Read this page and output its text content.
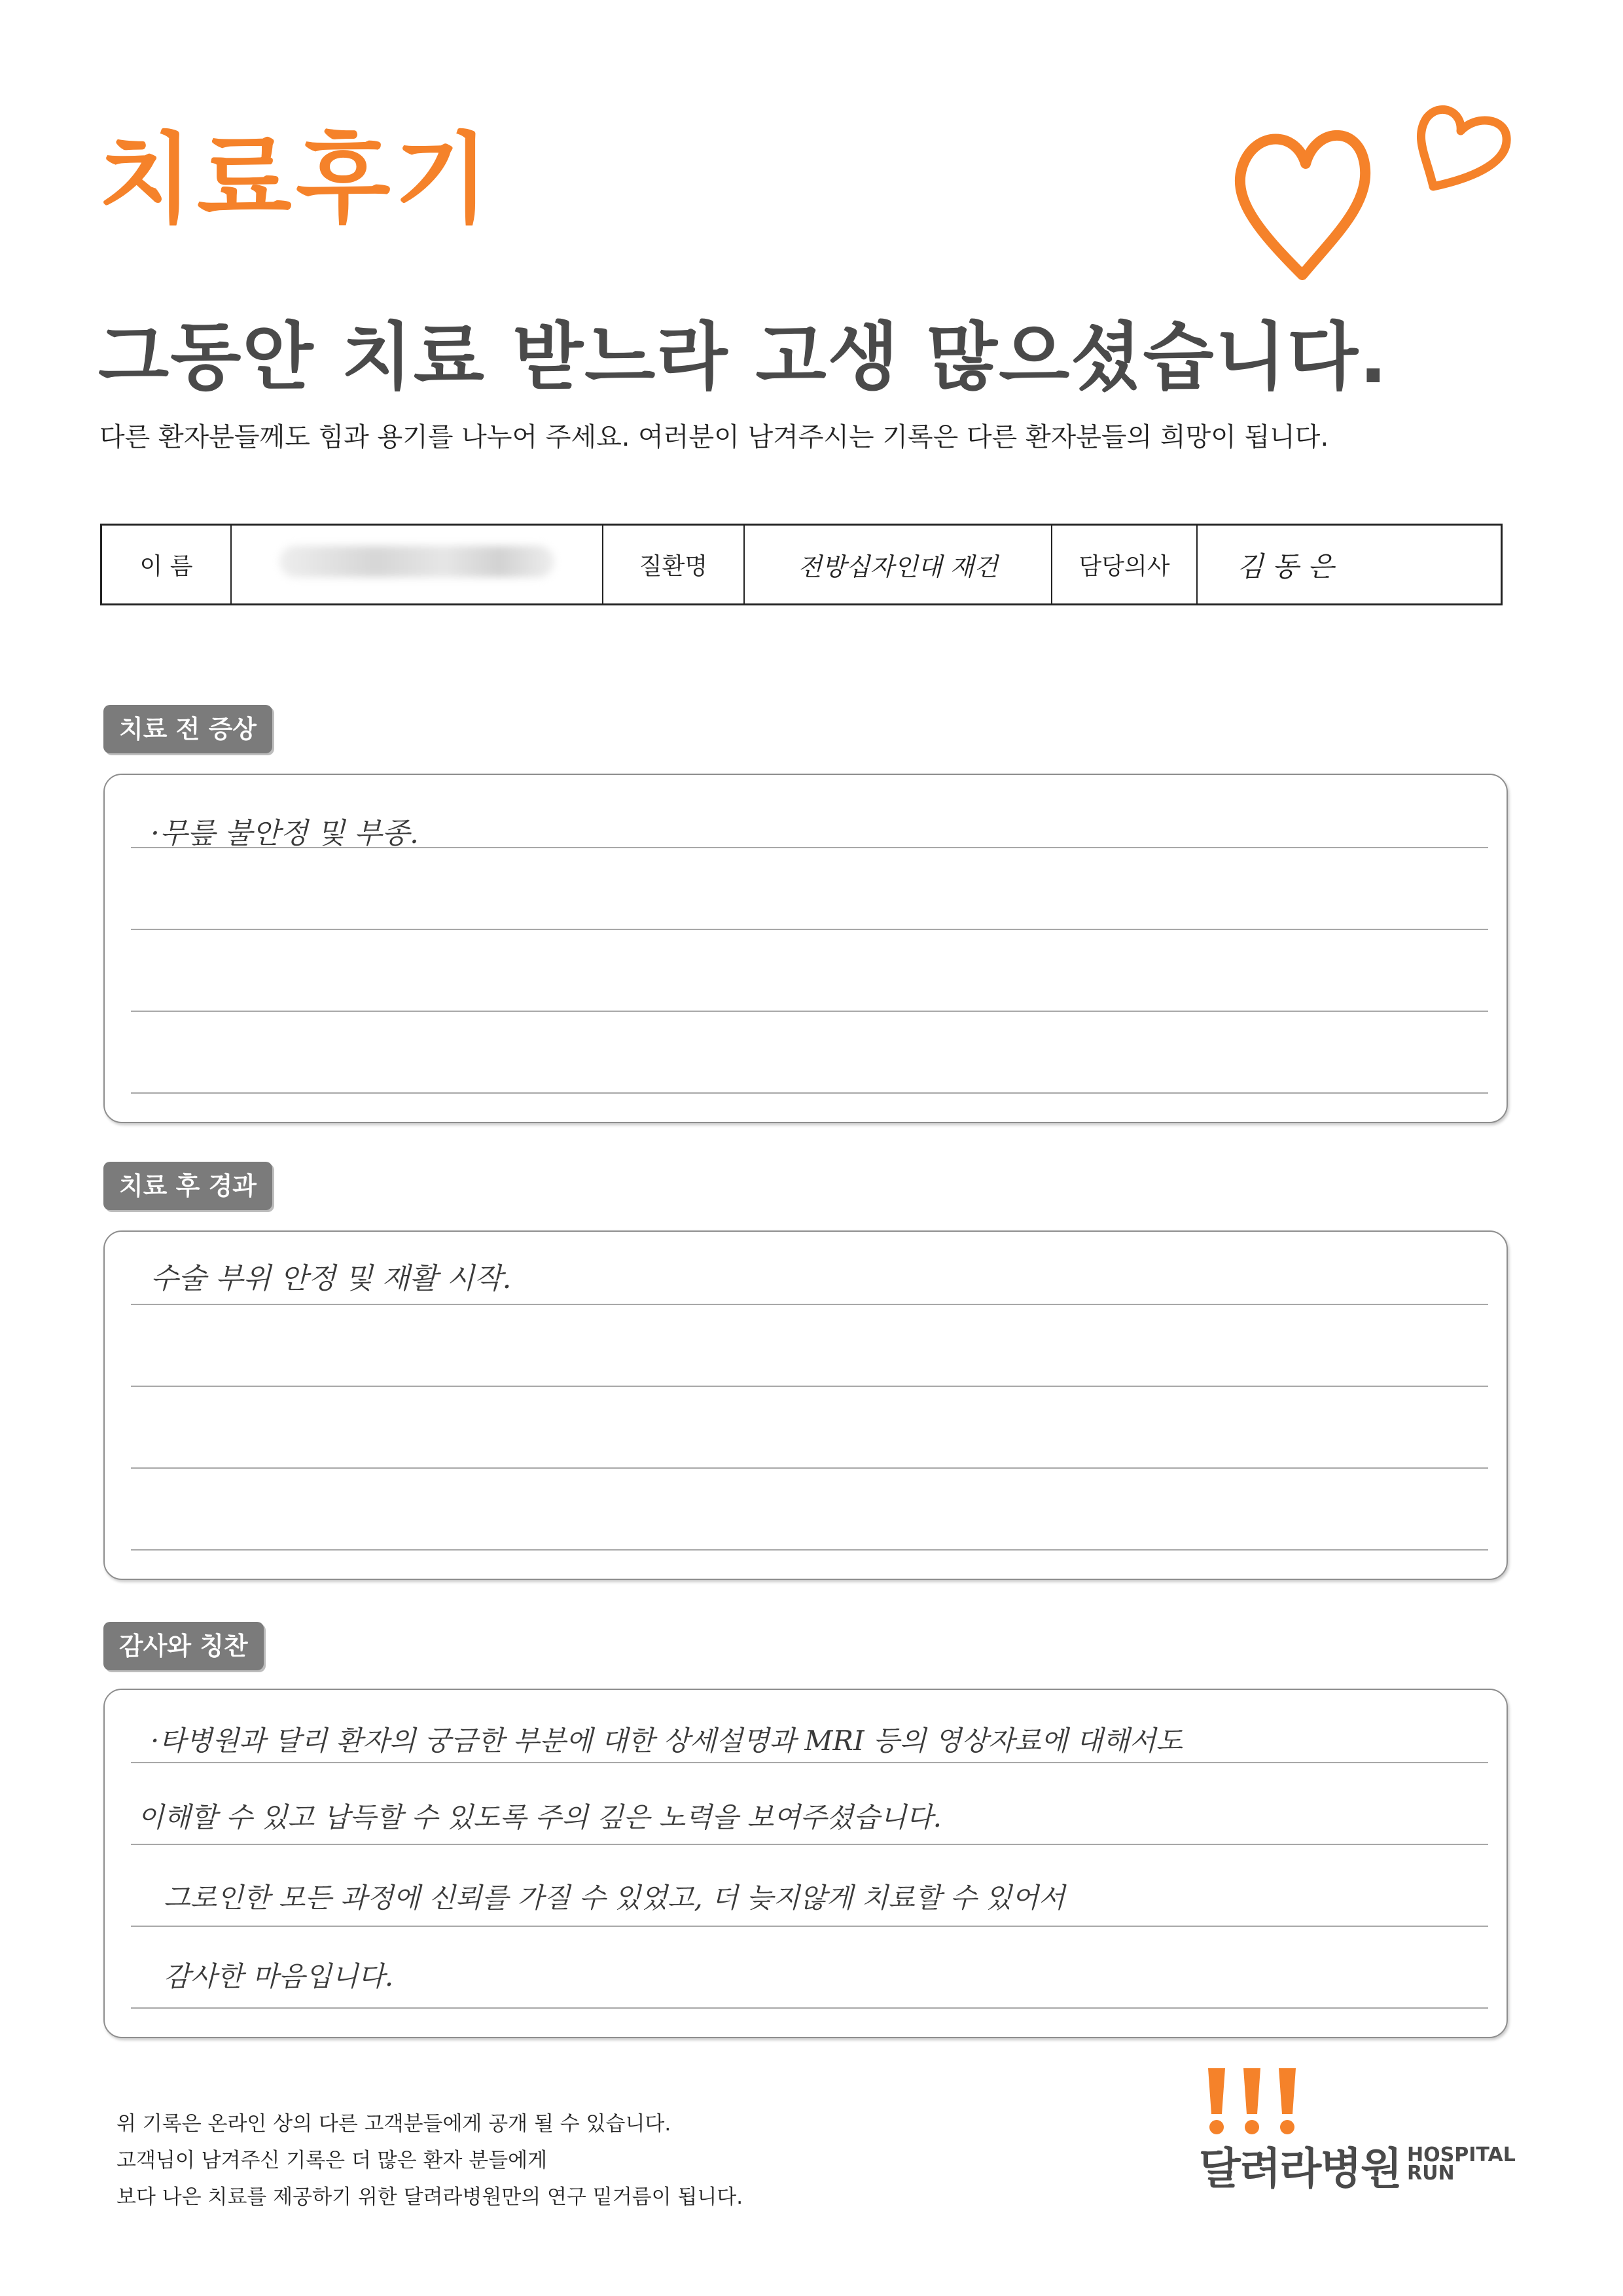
치료후기
그동안 치료 받느라 고생 많으셨습니다.
다른 환자분들께도 힘과 용기를 나누어 주세요. 여러분이 남겨주시는 기록은 다른 환자분들의 희망이 됩니다.
이 름		질환명	전방십자인대 재건	담당의사	김 동 은
치료 전 증상
·무릎 불안정 및 부종.
치료 후 경과
수술 부위 안정 및 재활 시작.
감사와 칭찬
·타병원과 달리 환자의 궁금한 부분에 대한 상세설명과 MRI 등의 영상자료에 대해서도
이해할 수 있고 납득할 수 있도록 주의 깊은 노력을 보여주셨습니다.
그로인한 모든 과정에 신뢰를 가질 수 있었고, 더 늦지않게 치료할 수 있어서
감사한 마음입니다.
위 기록은 온라인 상의 다른 고객분들에게 공개 될 수 있습니다.
고객님이 남겨주신 기록은 더 많은 환자 분들에게
보다 나은 치료를 제공하기 위한 달려라병원만의 연구 밑거름이 됩니다.
달려라병원 HOSPITAL
RUN
